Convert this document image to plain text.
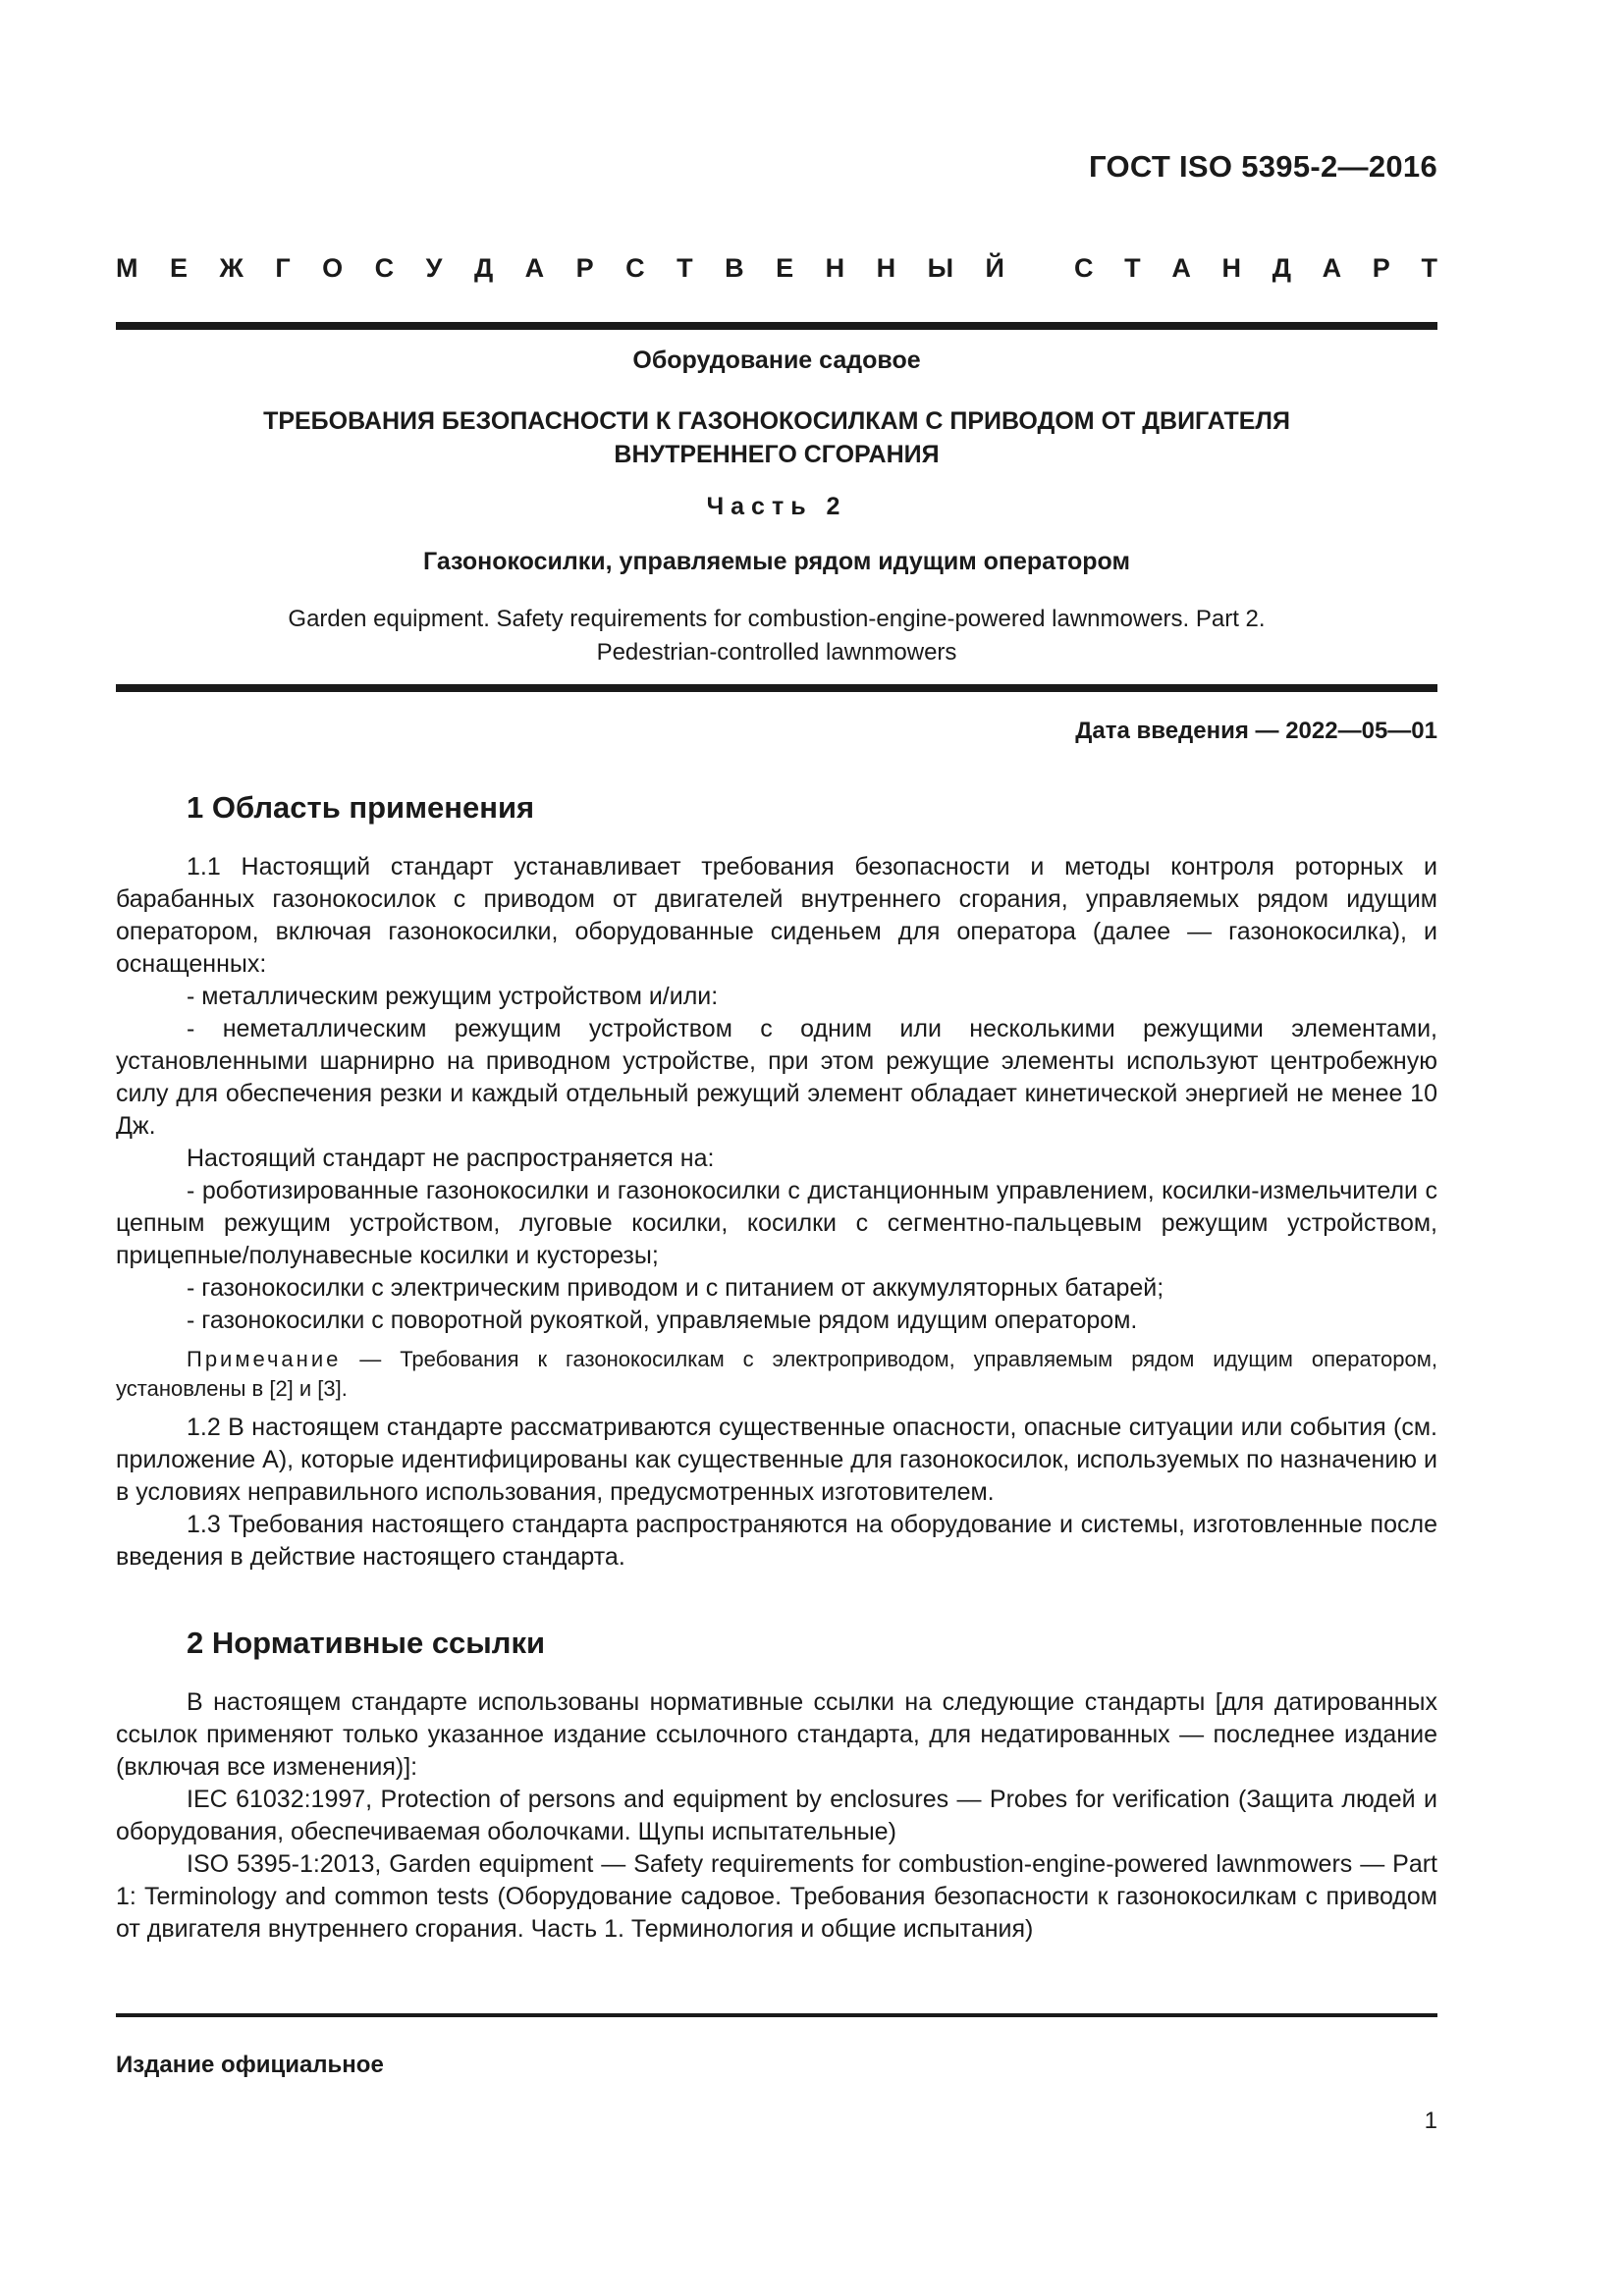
ГОСТ ISO 5395-2—2016
М Е Ж Г О С У Д А Р С Т В Е Н Н Ы Й	С Т А Н Д А Р Т
Оборудование садовое
ТРЕБОВАНИЯ БЕЗОПАСНОСТИ К ГАЗОНОКОСИЛКАМ С ПРИВОДОМ ОТ ДВИГАТЕЛЯ
ВНУТРЕННЕГО СГОРАНИЯ
Часть 2
Газонокосилки, управляемые рядом идущим оператором
Garden equipment. Safety requirements for combustion-engine-powered lawnmowers. Part 2.
Pedestrian-controlled lawnmowers
Дата введения — 2022—05—01
1 Область применения

1.1 Настоящий стандарт устанавливает требования безопасности и методы контроля роторных и барабанных газонокосилок с приводом от двигателей внутреннего сгорания, управляемых рядом идущим оператором, включая газонокосилки, оборудованные сиденьем для оператора (далее — газонокосилка), и оснащенных:

- металлическим режущим устройством и/или:

- неметаллическим режущим устройством с одним или несколькими режущими элементами, установленными шарнирно на приводном устройстве, при этом режущие элементы используют центробежную силу для обеспечения резки и каждый отдельный режущий элемент обладает кинетической энергией не менее 10 Дж.

Настоящий стандарт не распространяется на:

- роботизированные газонокосилки и газонокосилки с дистанционным управлением, косилки-измельчители с цепным режущим устройством, луговые косилки, косилки с сегментно-пальцевым режущим устройством, прицепные/полунавесные косилки и кусторезы;

- газонокосилки с электрическим приводом и с питанием от аккумуляторных батарей;

- газонокосилки с поворотной рукояткой, управляемые рядом идущим оператором.

Примечание — Требования к газонокосилкам с электроприводом, управляемым рядом идущим оператором, установлены в [2] и [3].

1.2 В настоящем стандарте рассматриваются существенные опасности, опасные ситуации или события (см. приложение А), которые идентифицированы как существенные для газонокосилок, используемых по назначению и в условиях неправильного использования, предусмотренных изготовителем.

1.3 Требования настоящего стандарта распространяются на оборудование и системы, изготовленные после введения в действие настоящего стандарта.

2 Нормативные ссылки

В настоящем стандарте использованы нормативные ссылки на следующие стандарты [для датированных ссылок применяют только указанное издание ссылочного стандарта, для недатированных — последнее издание (включая все изменения)]:

IEC 61032:1997, Protection of persons and equipment by enclosures — Probes for verification (Защита людей и оборудования, обеспечиваемая оболочками. Щупы испытательные)

ISO 5395-1:2013, Garden equipment — Safety requirements for combustion-engine-powered lawnmowers — Part 1: Terminology and common tests (Оборудование садовое. Требования безопасности к газонокосилкам с приводом от двигателя внутреннего сгорания. Часть 1. Терминология и общие испытания)

Издание официальное
1
